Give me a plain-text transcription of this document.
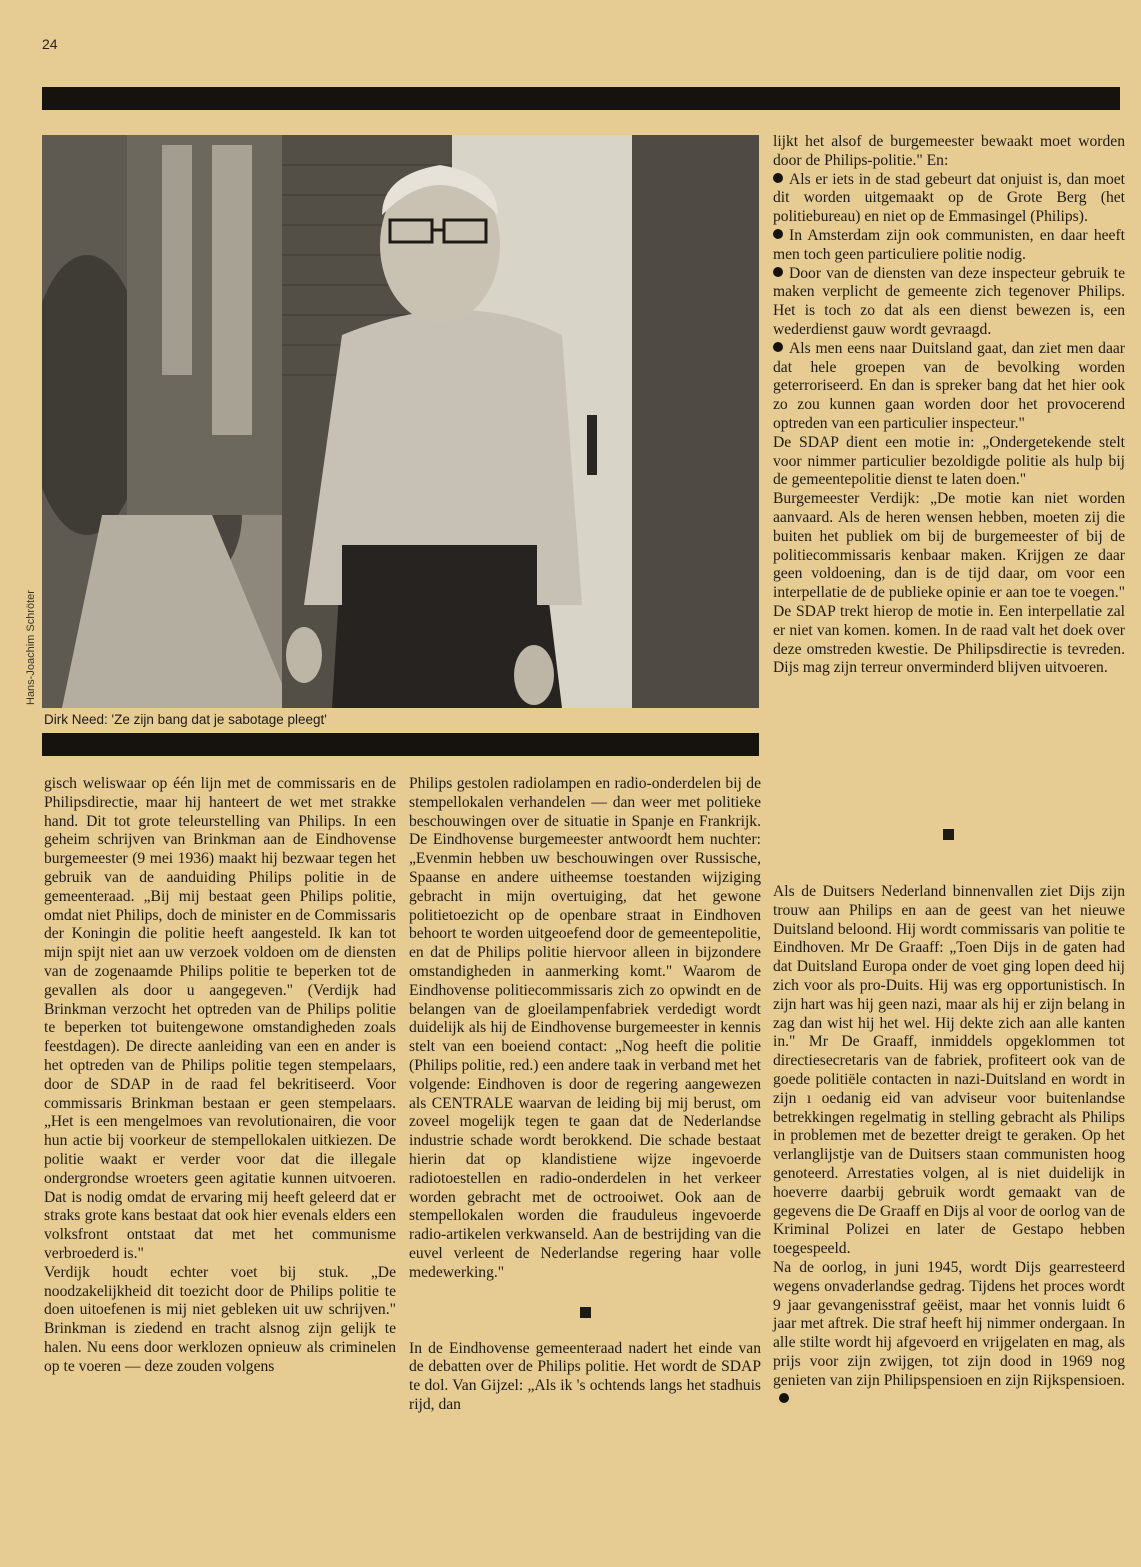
24
Hans-Joachim Schröter
Dirk Need: 'Ze zijn bang dat je sabotage pleegt'

gisch weliswaar op één lijn met de commissaris en de Philipsdirectie, maar hij hanteert de wet met strakke hand. Dit tot grote teleurstelling van Philips. In een geheim schrijven van Brinkman aan de Eindhovense burgemeester (9 mei 1936) maakt hij bezwaar tegen het gebruik van de aanduiding Philips politie in de gemeenteraad. „Bij mij bestaat geen Philips politie, omdat niet Philips, doch de minister en de Commissaris der Koningin die politie heeft aangesteld. Ik kan tot mijn spijt niet aan uw verzoek voldoen om de diensten van de zogenaamde Philips politie te beperken tot de gevallen als door u aangegeven." (Verdijk had Brinkman verzocht het optreden van de Philips politie te beperken tot buitengewone omstandigheden zoals feestdagen). De directe aanleiding van een en ander is het optreden van de Philips politie tegen stempelaars, door de SDAP in de raad fel bekritiseerd. Voor commissaris Brinkman bestaan er geen stempelaars. „Het is een mengelmoes van revolutionairen, die voor hun actie bij voorkeur de stempellokalen uitkiezen. De politie waakt er verder voor dat die illegale ondergrondse wroeters geen agitatie kunnen uitvoeren. Dat is nodig omdat de ervaring mij heeft geleerd dat er straks grote kans bestaat dat ook hier evenals elders een volksfront ontstaat dat met het communisme verbroederd is."

Verdijk houdt echter voet bij stuk. „De noodzakelijkheid dit toezicht door de Philips politie te doen uitoefenen is mij niet gebleken uit uw schrijven." Brinkman is ziedend en tracht alsnog zijn gelijk te halen. Nu eens door werklozen opnieuw als criminelen op te voeren — deze zouden volgens

Philips gestolen radiolampen en radio-onderdelen bij de stempellokalen verhandelen — dan weer met politieke beschouwingen over de situatie in Spanje en Frankrijk. De Eindhovense burgemeester antwoordt hem nuchter: „Evenmin hebben uw beschouwingen over Russische, Spaanse en andere uitheemse toestanden wijziging gebracht in mijn overtuiging, dat het gewone politietoezicht op de openbare straat in Eindhoven behoort te worden uitgeoefend door de gemeentepolitie, en dat de Philips politie hiervoor alleen in bijzondere omstandigheden in aanmerking komt." Waarom de Eindhovense politiecommissaris zich zo opwindt en de belangen van de gloeilampenfabriek verdedigt wordt duidelijk als hij de Eindhovense burgemeester in kennis stelt van een boeiend contact: „Nog heeft die politie (Philips politie, red.) een andere taak in verband met het volgende: Eindhoven is door de regering aangewezen als CENTRALE waarvan de leiding bij mij berust, om zoveel mogelijk tegen te gaan dat de Nederlandse industrie schade wordt berokkend. Die schade bestaat hierin dat op klandistiene wijze ingevoerde radiotoestellen en radio-onderdelen in het verkeer worden gebracht met de octrooiwet. Ook aan de stempellokalen worden die frauduleus ingevoerde radio-artikelen verkwanseld. Aan de bestrijding van die euvel verleent de Nederlandse regering haar volle medewerking."

In de Eindhovense gemeenteraad nadert het einde van de debatten over de Philips politie. Het wordt de SDAP te dol. Van Gijzel: „Als ik 's ochtends langs het stadhuis rijd, dan

lijkt het alsof de burgemeester bewaakt moet worden door de Philips-politie." En:

Als er iets in de stad gebeurt dat onjuist is, dan moet dit worden uitgemaakt op de Grote Berg (het politiebureau) en niet op de Emmasingel (Philips).

In Amsterdam zijn ook communisten, en daar heeft men toch geen particuliere politie nodig.

Door van de diensten van deze inspecteur gebruik te maken verplicht de gemeente zich tegenover Philips. Het is toch zo dat als een dienst bewezen is, een wederdienst gauw wordt gevraagd.

Als men eens naar Duitsland gaat, dan ziet men daar dat hele groepen van de bevolking worden geterroriseerd. En dan is spreker bang dat het hier ook zo zou kunnen gaan worden door het provocerend optreden van een particulier inspecteur."

De SDAP dient een motie in: „Ondergetekende stelt voor nimmer particulier bezoldigde politie als hulp bij de gemeentepolitie dienst te laten doen."

Burgemeester Verdijk: „De motie kan niet worden aanvaard. Als de heren wensen hebben, moeten zij die buiten het publiek om bij de burgemeester of bij de politiecommissaris kenbaar maken. Krijgen ze daar geen voldoening, dan is de tijd daar, om voor een interpellatie de de publieke opinie er aan toe te voegen." De SDAP trekt hierop de motie in. Een interpellatie zal er niet van komen. komen. In de raad valt het doek over deze omstreden kwestie. De Philipsdirectie is tevreden. Dijs mag zijn terreur onverminderd blijven uitvoeren.

Als de Duitsers Nederland binnenvallen ziet Dijs zijn trouw aan Philips en aan de geest van het nieuwe Duitsland beloond. Hij wordt commissaris van politie te Eindhoven. Mr De Graaff: „Toen Dijs in de gaten had dat Duitsland Europa onder de voet ging lopen deed hij zich voor als pro-Duits. Hij was erg opportunistisch. In zijn hart was hij geen nazi, maar als hij er zijn belang in zag dan wist hij het wel. Hij dekte zich aan alle kanten in." Mr De Graaff, inmiddels opgeklommen tot directiesecretaris van de fabriek, profiteert ook van de goede politiële contacten in nazi-Duitsland en wordt in zijn ı oedanig eid van adviseur voor buitenlandse betrekkingen regelmatig in stelling gebracht als Philips in problemen met de bezetter dreigt te geraken. Op het verlanglijstje van de Duitsers staan communisten hoog genoteerd. Arrestaties volgen, al is niet duidelijk in hoeverre daarbij gebruik wordt gemaakt van de gegevens die De Graaff en Dijs al voor de oorlog van de Kriminal Polizei en later de Gestapo hebben toegespeeld.

Na de oorlog, in juni 1945, wordt Dijs gearresteerd wegens onvaderlandse gedrag. Tijdens het proces wordt 9 jaar gevangenisstraf geëist, maar het vonnis luidt 6 jaar met aftrek. Die straf heeft hij nimmer ondergaan. In alle stilte wordt hij afgevoerd en vrijgelaten en mag, als prijs voor zijn zwijgen, tot zijn dood in 1969 nog genieten van zijn Philipspensioen en zijn Rijkspensioen.
